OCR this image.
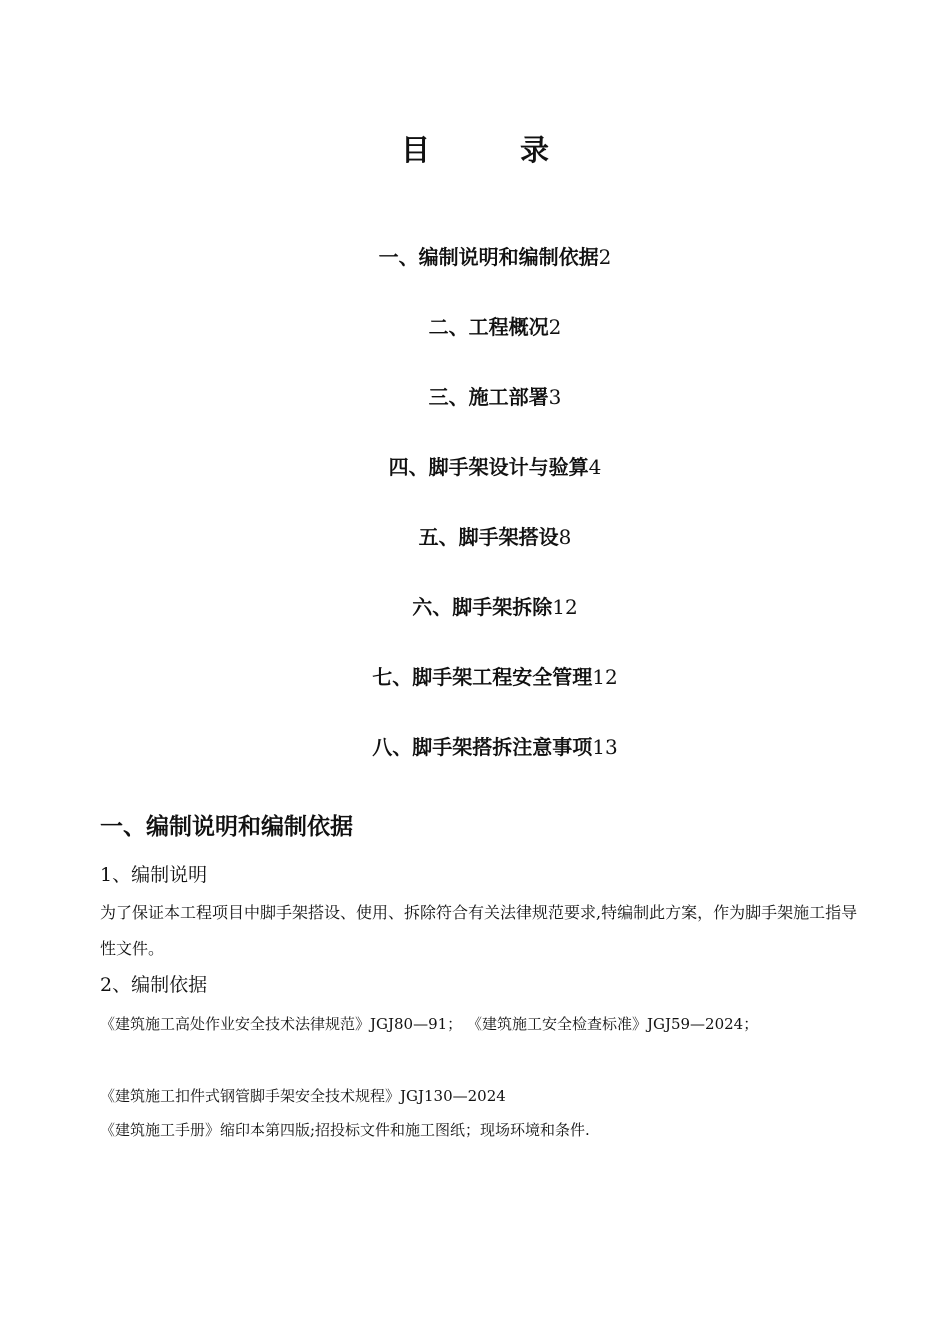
目 录
一、编制说明和编制依据2
二、工程概况2
三、施工部署3
四、脚手架设计与验算4
五、脚手架搭设8
六、脚手架拆除12
七、脚手架工程安全管理12
八、脚手架搭拆注意事项13
一、编制说明和编制依据
1、编制说明
为了保证本工程项目中脚手架搭设、使用、拆除符合有关法律规范要求,特编制此方案，作为脚手架施工指导性文件。
2、编制依据
《建筑施工高处作业安全技术法律规范》JGJ80—91； 《建筑施工安全检查标准》JGJ59—2024；
《建筑施工扣件式钢管脚手架安全技术规程》JGJ130—2024
《建筑施工手册》缩印本第四版;招投标文件和施工图纸；现场环境和条件.
